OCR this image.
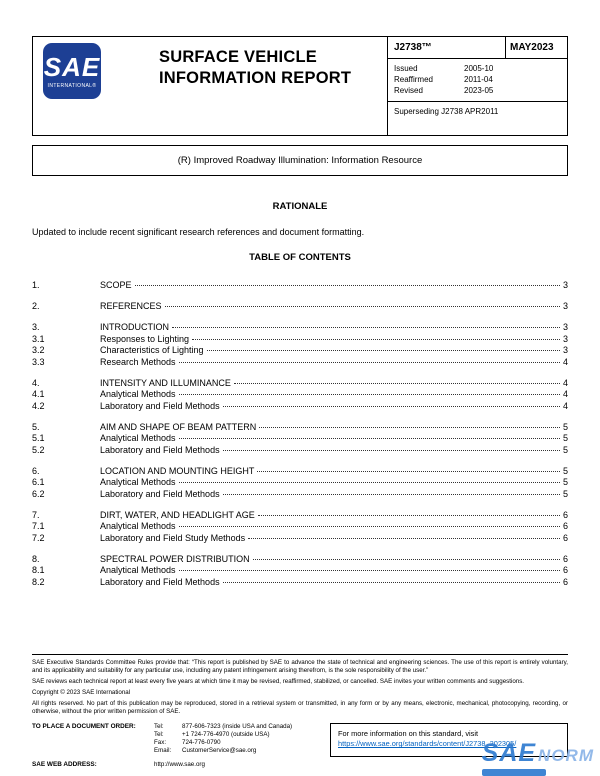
SAE
INTERNATIONAL®
SURFACE VEHICLE
INFORMATION REPORT
J2738™	MAY2023
Issued	2005-10
Reaffirmed	2011-04
Revised	2023-05
Superseding J2738 APR2011
(R) Improved Roadway Illumination: Information Resource
RATIONALE
Updated to include recent significant research references and document formatting.
TABLE OF CONTENTS
1.	SCOPE	3
2.	REFERENCES	3
3.	INTRODUCTION	3
3.1	Responses to Lighting	3
3.2	Characteristics of Lighting	3
3.3	Research Methods	4
4.	INTENSITY AND ILLUMINANCE	4
4.1	Analytical Methods	4
4.2	Laboratory and Field Methods	4
5.	AIM AND SHAPE OF BEAM PATTERN	5
5.1	Analytical Methods	5
5.2	Laboratory and Field Methods	5
6.	LOCATION AND MOUNTING HEIGHT	5
6.1	Analytical Methods	5
6.2	Laboratory and Field Methods	5
7.	DIRT, WATER, AND HEADLIGHT AGE	6
7.1	Analytical Methods	6
7.2	Laboratory and Field Study Methods	6
8.	SPECTRAL POWER DISTRIBUTION	6
8.1	Analytical Methods	6
8.2	Laboratory and Field Methods	6
SAE Executive Standards Committee Rules provide that: “This report is published by SAE to advance the state of technical and engineering sciences. The use of this report is entirely voluntary, and its applicability and suitability for any particular use, including any patent infringement arising therefrom, is the sole responsibility of the user.”
SAE reviews each technical report at least every five years at which time it may be revised, reaffirmed, stabilized, or cancelled. SAE invites your written comments and suggestions.
Copyright © 2023 SAE International
All rights reserved. No part of this publication may be reproduced, stored in a retrieval system or transmitted, in any form or by any means, electronic, mechanical, photocopying, recording, or otherwise, without the prior written permission of SAE.
TO PLACE A DOCUMENT ORDER:	Tel:	877-606-7323 (inside USA and Canada)
Tel:	+1 724-776-4970 (outside USA)
Fax:	724-776-0790
Email:	CustomerService@sae.org
For more information on this standard, visit
https://www.sae.org/standards/content/J2738_202305/
SAE WEB ADDRESS:	http://www.sae.org	SAE NORM
